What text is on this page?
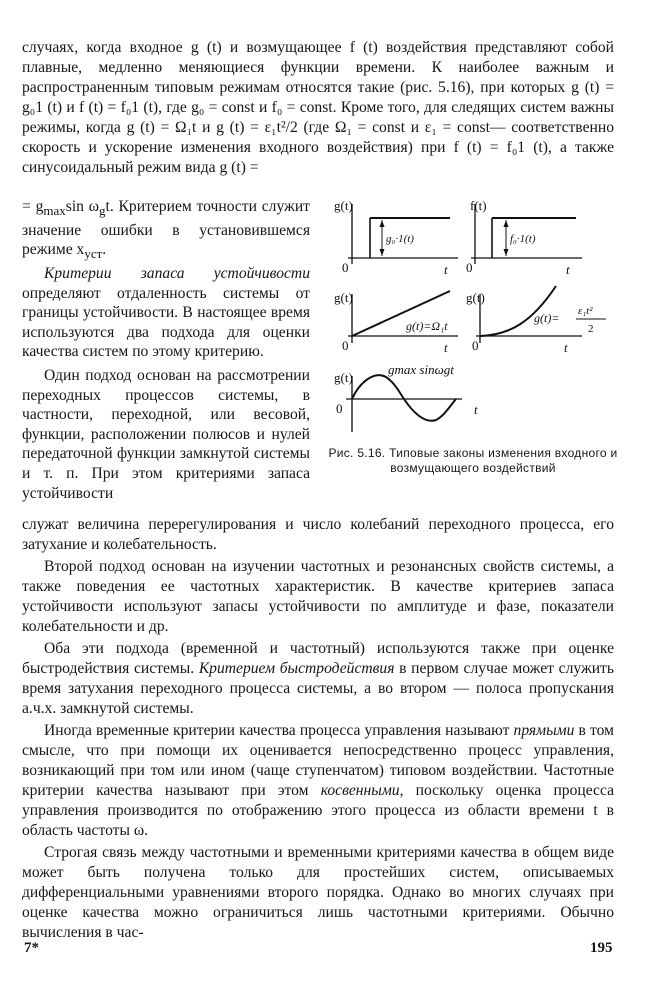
случаях, когда входное g (t) и возмущающее f (t) воздействия представляют собой плавные, медленно меняющиеся функции времени. К наиболее важным и распространенным типовым режимам относятся такие (рис. 5.16), при которых g (t) = g₀1 (t) и f (t) = f₀1 (t), где g₀ = const и f₀ = const. Кроме того, для следящих систем важны режимы, когда g (t) = Ω₁t и g (t) = ε₁t²/2 (где Ω₁ = const и ε₁ = const— соответственно скорость и ускорение изменения входного воздействия) при f (t) = f₀1 (t), а также синусоидальный режим вида g (t) =

= $g_{max}\sin$ $\omega_gt$. Критерием точности служит значение ошибки в установившемся режиме $x_{уст}$.

Критерии запаса устойчивости определяют отдаленность системы от границы устойчивости. В настоящее время используются два подхода для оценки качества систем по этому критерию.

Один подход основан на рассмотрении переходных процессов системы, в частности, переходной, или весовой, функции, расположении полюсов и нулей передаточной функции замкнутой системы и т. п. При этом критериями запаса устойчивости

g(t)
0	t
g₀·1(t)
f(t)
0	t
f₀·1(t)
g(t)
0	t
g(t)=Ω₁t
g(t)
0	t
g(t)= ε₁t²
2
g(t)
0	t
gmax sinωgt
Рис. 5.16. Типовые законы изменения входного и возмущающего воздействий

служат величина перерегулирования и число колебаний переходного процесса, его затухание и колебательность.

Второй подход основан на изучении частотных и резонансных свойств системы, а также поведения ее частотных характеристик. В качестве критериев запаса устойчивости используют запасы устойчивости по амплитуде и фазе, показатели колебательности и др.

Оба эти подхода (временной и частотный) используются также при оценке быстродействия системы. Критерием быстродействия в первом случае может служить время затухания переходного процесса системы, а во втором — полоса пропускания а.ч.х. замкнутой системы.

Иногда временные критерии качества процесса управления называют прямыми в том смысле, что при помощи их оценивается непосредственно процесс управления, возникающий при том или ином (чаще ступенчатом) типовом воздействии. Частотные критерии качества называют при этом косвенными, поскольку оценка процесса управления производится по отображению этого процесса из области времени t в область частоты ω.

Строгая связь между частотными и временными критериями качества в общем виде может быть получена только для простейших систем, описываемых дифференциальными уравнениями второго порядка. Однако во многих случаях при оценке качества можно ограничиться лишь частотными критериями. Обычно вычисления в час-

7*	195
